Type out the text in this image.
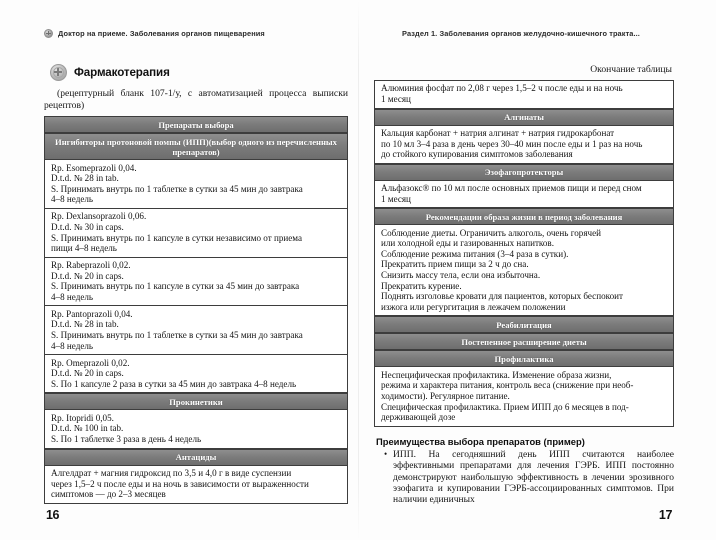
Доктор на приеме. Заболевания органов пищеварения
Фармакотерапия

(рецептурный бланк 107-1/у, с автоматизацией процесса выписки рецептов)

Препараты выбора
Ингибиторы протоновой помпы (ИПП)(выбор одного из перечисленных препаратов)
Rp. Esomeprazoli 0,04.
D.t.d. № 28 in tab.
S. Принимать внутрь по 1 таблетке в сутки за 45 мин до завтрака
4–8 недель
Rp. Dexlansoprazoli 0,06.
D.t.d. № 30 in caps.
S. Принимать внутрь по 1 капсуле в сутки независимо от приема
пищи 4–8 недель
Rp. Rabeprazoli 0,02.
D.t.d. № 20 in caps.
S. Принимать внутрь по 1 капсуле в сутки за 45 мин до завтрака
4–8 недель
Rp. Pantoprazoli 0,04.
D.t.d. № 28 in tab.
S. Принимать внутрь по 1 таблетке в сутки за 45 мин до завтрака
4–8 недель
Rp. Omeprazoli 0,02.
D.t.d. № 20 in caps.
S. По 1 капсуле 2 раза в сутки за 45 мин до завтрака 4–8 недель
Прокинетики
Rp. Itopridi 0,05.
D.t.d. № 100 in tab.
S. По 1 таблетке 3 раза в день 4 недель
Антациды
Алгелдрат + магния гидроксид по 3,5 и 4,0 г в виде суспензии
через 1,5–2 ч после еды и на ночь в зависимости от выраженности
симптомов — до 2–3 месяцев
16
Раздел 1. Заболевания органов желудочно-кишечного тракта...
Окончание таблицы
Алюминия фосфат по 2,08 г через 1,5–2 ч после еды и на ночь
1 месяц
Алгинаты
Кальция карбонат + натрия алгинат + натрия гидрокарбонат
по 10 мл 3–4 раза в день через 30–40 мин после еды и 1 раз на ночь
до стойкого купирования симптомов заболевания
Эзофагопротекторы
Альфазокс® по 10 мл после основных приемов пищи и перед сном
1 месяц
Рекомендации образа жизни в период заболевания
Соблюдение диеты. Ограничить алкоголь, очень горячей
или холодной еды и газированных напитков.
Соблюдение режима питания (3–4 раза в сутки).
Прекратить прием пищи за 2 ч до сна.
Снизить массу тела, если она избыточна.
Прекратить курение.
Поднять изголовье кровати для пациентов, которых беспокоит
изжога или регургитация в лежачем положении
Реабилитация
Постепенное расширение диеты
Профилактика
Неспецифическая профилактика. Изменение образа жизни,
режима и характера питания, контроль веса (снижение при необ-
ходимости). Регулярное питание.
Специфическая профилактика. Прием ИПП до 6 месяцев в под-
держивающей дозе
Преимущества выбора препаратов (пример)
• ИПП. На сегодняшний день ИПП считаются наиболее эффективными препаратами для лечения ГЭРБ. ИПП постоянно демонстрируют наибольшую эффективность в лечении эрозивного эзофагита и купировании ГЭРБ-ассоциированных симптомов. При наличии единичных
17
